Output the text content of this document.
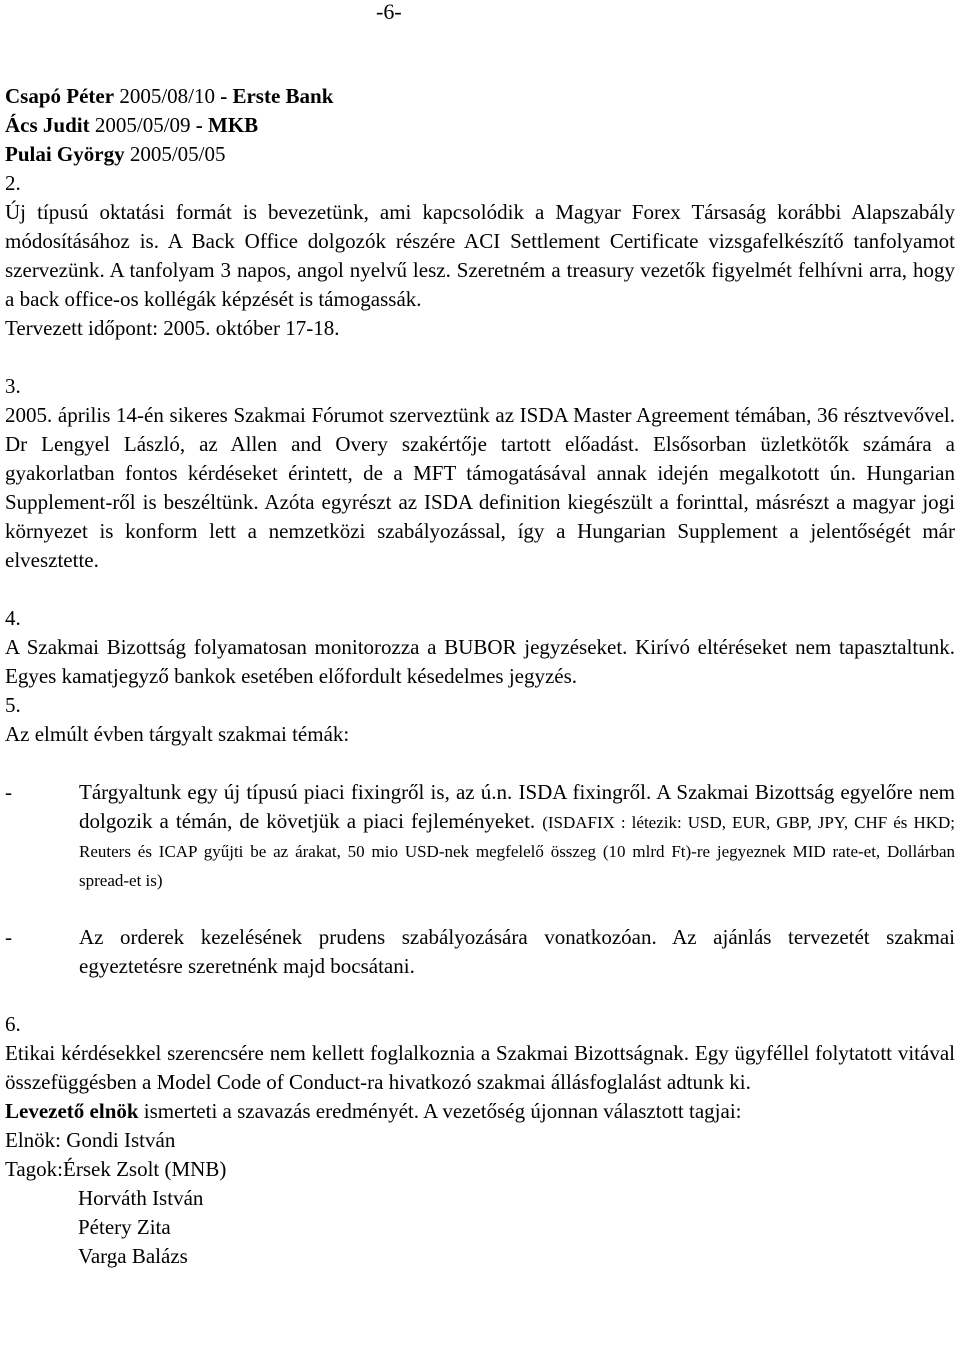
-6-

Csapó Péter 2005/08/10 - Erste Bank

Ács Judit 2005/05/09 - MKB

Pulai György 2005/05/05

2.

Új típusú oktatási formát is bevezetünk, ami kapcsolódik a Magyar Forex Társaság korábbi Alapszabály módosításához is. A Back Office dolgozók részére ACI Settlement Certificate vizsgafelkészítő tanfolyamot szervezünk. A tanfolyam 3 napos, angol nyelvű lesz. Szeretném a treasury vezetők figyelmét felhívni arra, hogy a back office-os kollégák képzését is támogassák.

Tervezett időpont: 2005. október 17-18.

3.

2005. április 14-én sikeres Szakmai Fórumot szerveztünk az ISDA Master Agreement témában, 36 résztvevővel. Dr Lengyel László, az Allen and Overy szakértője tartott előadást. Elsősorban üzletkötők számára a gyakorlatban fontos kérdéseket érintett, de a MFT támogatásával annak idején megalkotott ún. Hungarian Supplement-ről is beszéltünk. Azóta egyrészt az ISDA definition kiegészült a forinttal, másrészt a magyar jogi környezet is konform lett a nemzetközi szabályozással, így a Hungarian Supplement a jelentőségét már elvesztette.

4.

A Szakmai Bizottság folyamatosan monitorozza a BUBOR jegyzéseket. Kirívó eltéréseket nem tapasztaltunk. Egyes kamatjegyző bankok esetében előfordult késedelmes jegyzés.

5.

Az elmúlt évben tárgyalt szakmai témák:

-	Tárgyaltunk egy új típusú piaci fixingről is, az ú.n. ISDA fixingről. A Szakmai Bizottság egyelőre nem dolgozik a témán, de követjük a piaci fejleményeket. (ISDAFIX : létezik: USD, EUR, GBP, JPY, CHF és HKD; Reuters és ICAP gyűjti be az árakat, 50 mio USD-nek megfelelő összeg (10 mlrd Ft)-re jegyeznek MID rate-et, Dollárban spread-et is)

-	Az orderek kezelésének prudens szabályozására vonatkozóan. Az ajánlás tervezetét szakmai egyeztetésre szeretnénk majd bocsátani.

6.

Etikai kérdésekkel szerencsére nem kellett foglalkoznia a Szakmai Bizottságnak. Egy ügyféllel folytatott vitával összefüggésben a Model Code of Conduct-ra hivatkozó szakmai állásfoglalást adtunk ki.

Levezető elnök ismerteti a szavazás eredményét. A vezetőség újonnan választott tagjai:

Elnök: Gondi István

Tagok:Érsek Zsolt (MNB)

Horváth István

Pétery Zita

Varga Balázs
